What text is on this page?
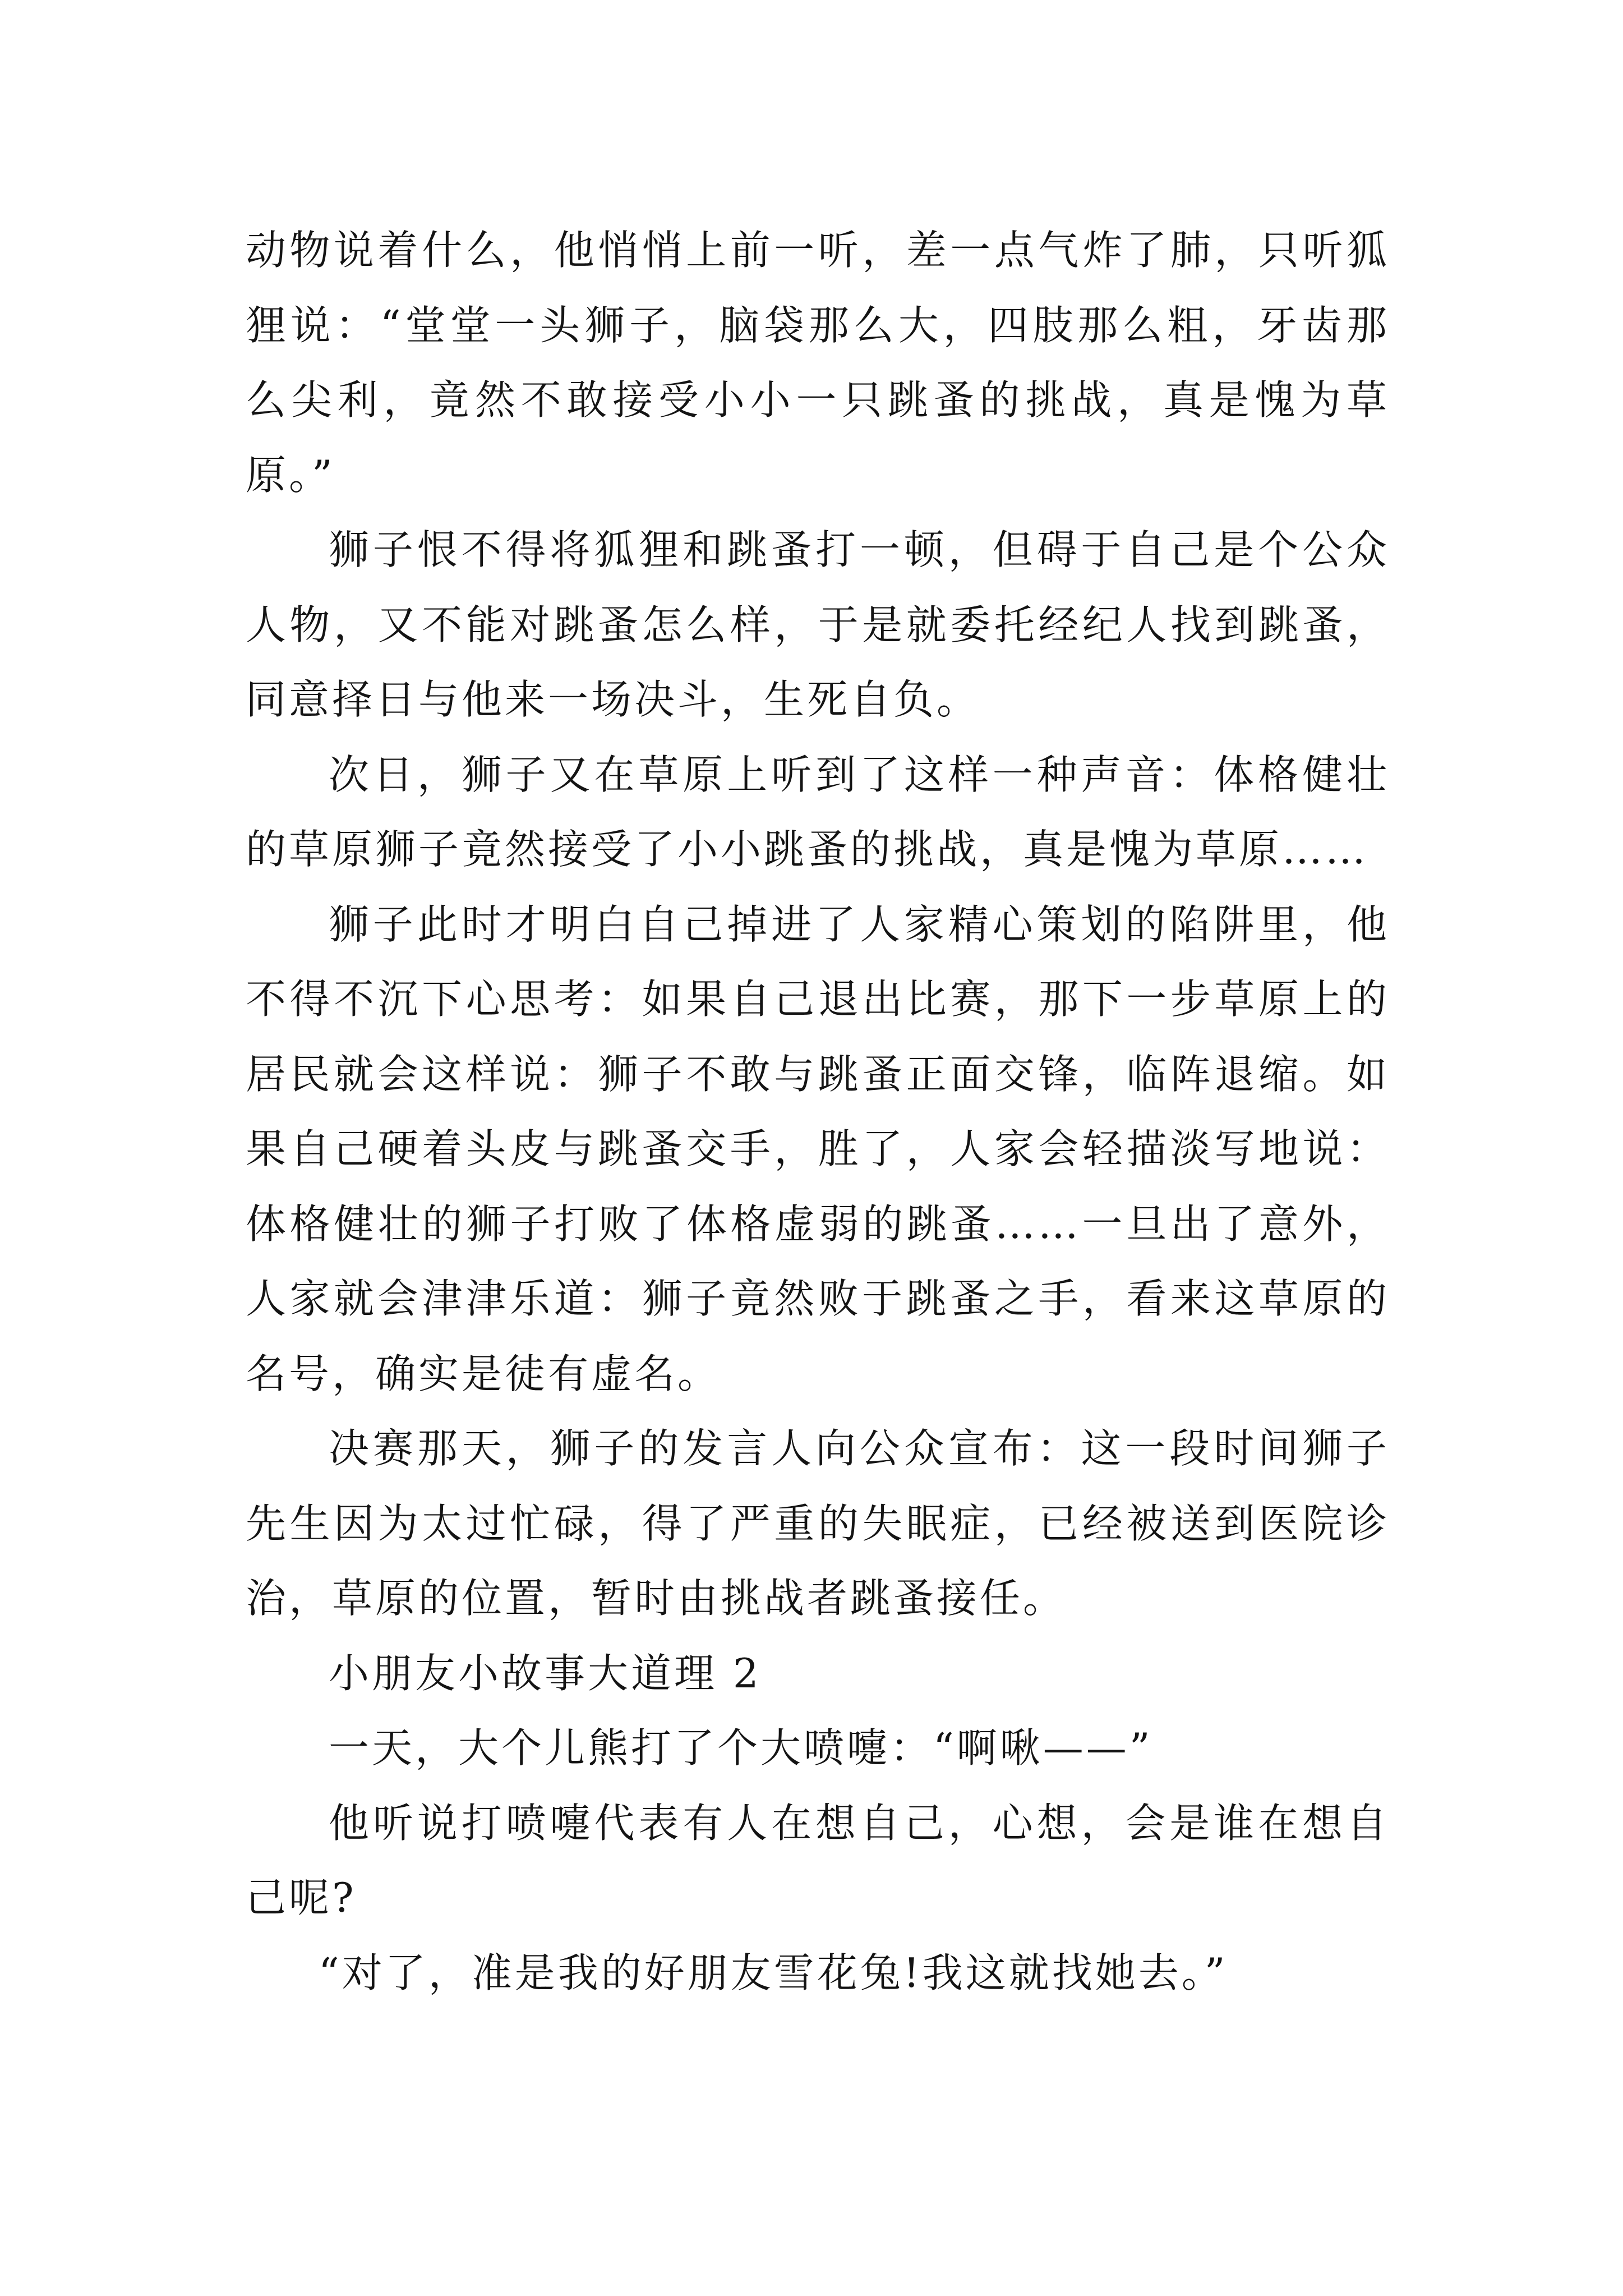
动物说着什么，他悄悄上前一听，差一点气炸了肺，只听狐狸说：“堂堂一头狮子，脑袋那么大，四肢那么粗，牙齿那么尖利，竟然不敢接受小小一只跳蚤的挑战，真是愧为草原。”

狮子恨不得将狐狸和跳蚤打一顿，但碍于自己是个公众人物，又不能对跳蚤怎么样，于是就委托经纪人找到跳蚤，同意择日与他来一场决斗，生死自负。

次日，狮子又在草原上听到了这样一种声音：体格健壮的草原狮子竟然接受了小小跳蚤的挑战，真是愧为草原……

狮子此时才明白自己掉进了人家精心策划的陷阱里，他不得不沉下心思考：如果自己退出比赛，那下一步草原上的居民就会这样说：狮子不敢与跳蚤正面交锋，临阵退缩。如果自己硬着头皮与跳蚤交手，胜了，人家会轻描淡写地说：体格健壮的狮子打败了体格虚弱的跳蚤……一旦出了意外，人家就会津津乐道：狮子竟然败于跳蚤之手，看来这草原的名号，确实是徒有虚名。

决赛那天，狮子的发言人向公众宣布：这一段时间狮子先生因为太过忙碌，得了严重的失眠症，已经被送到医院诊治，草原的位置，暂时由挑战者跳蚤接任。

小朋友小故事大道理 2

一天，大个儿熊打了个大喷嚏：“啊啾——”

他听说打喷嚏代表有人在想自己，心想，会是谁在想自己呢?

“对了，准是我的好朋友雪花兔!我这就找她去。”
